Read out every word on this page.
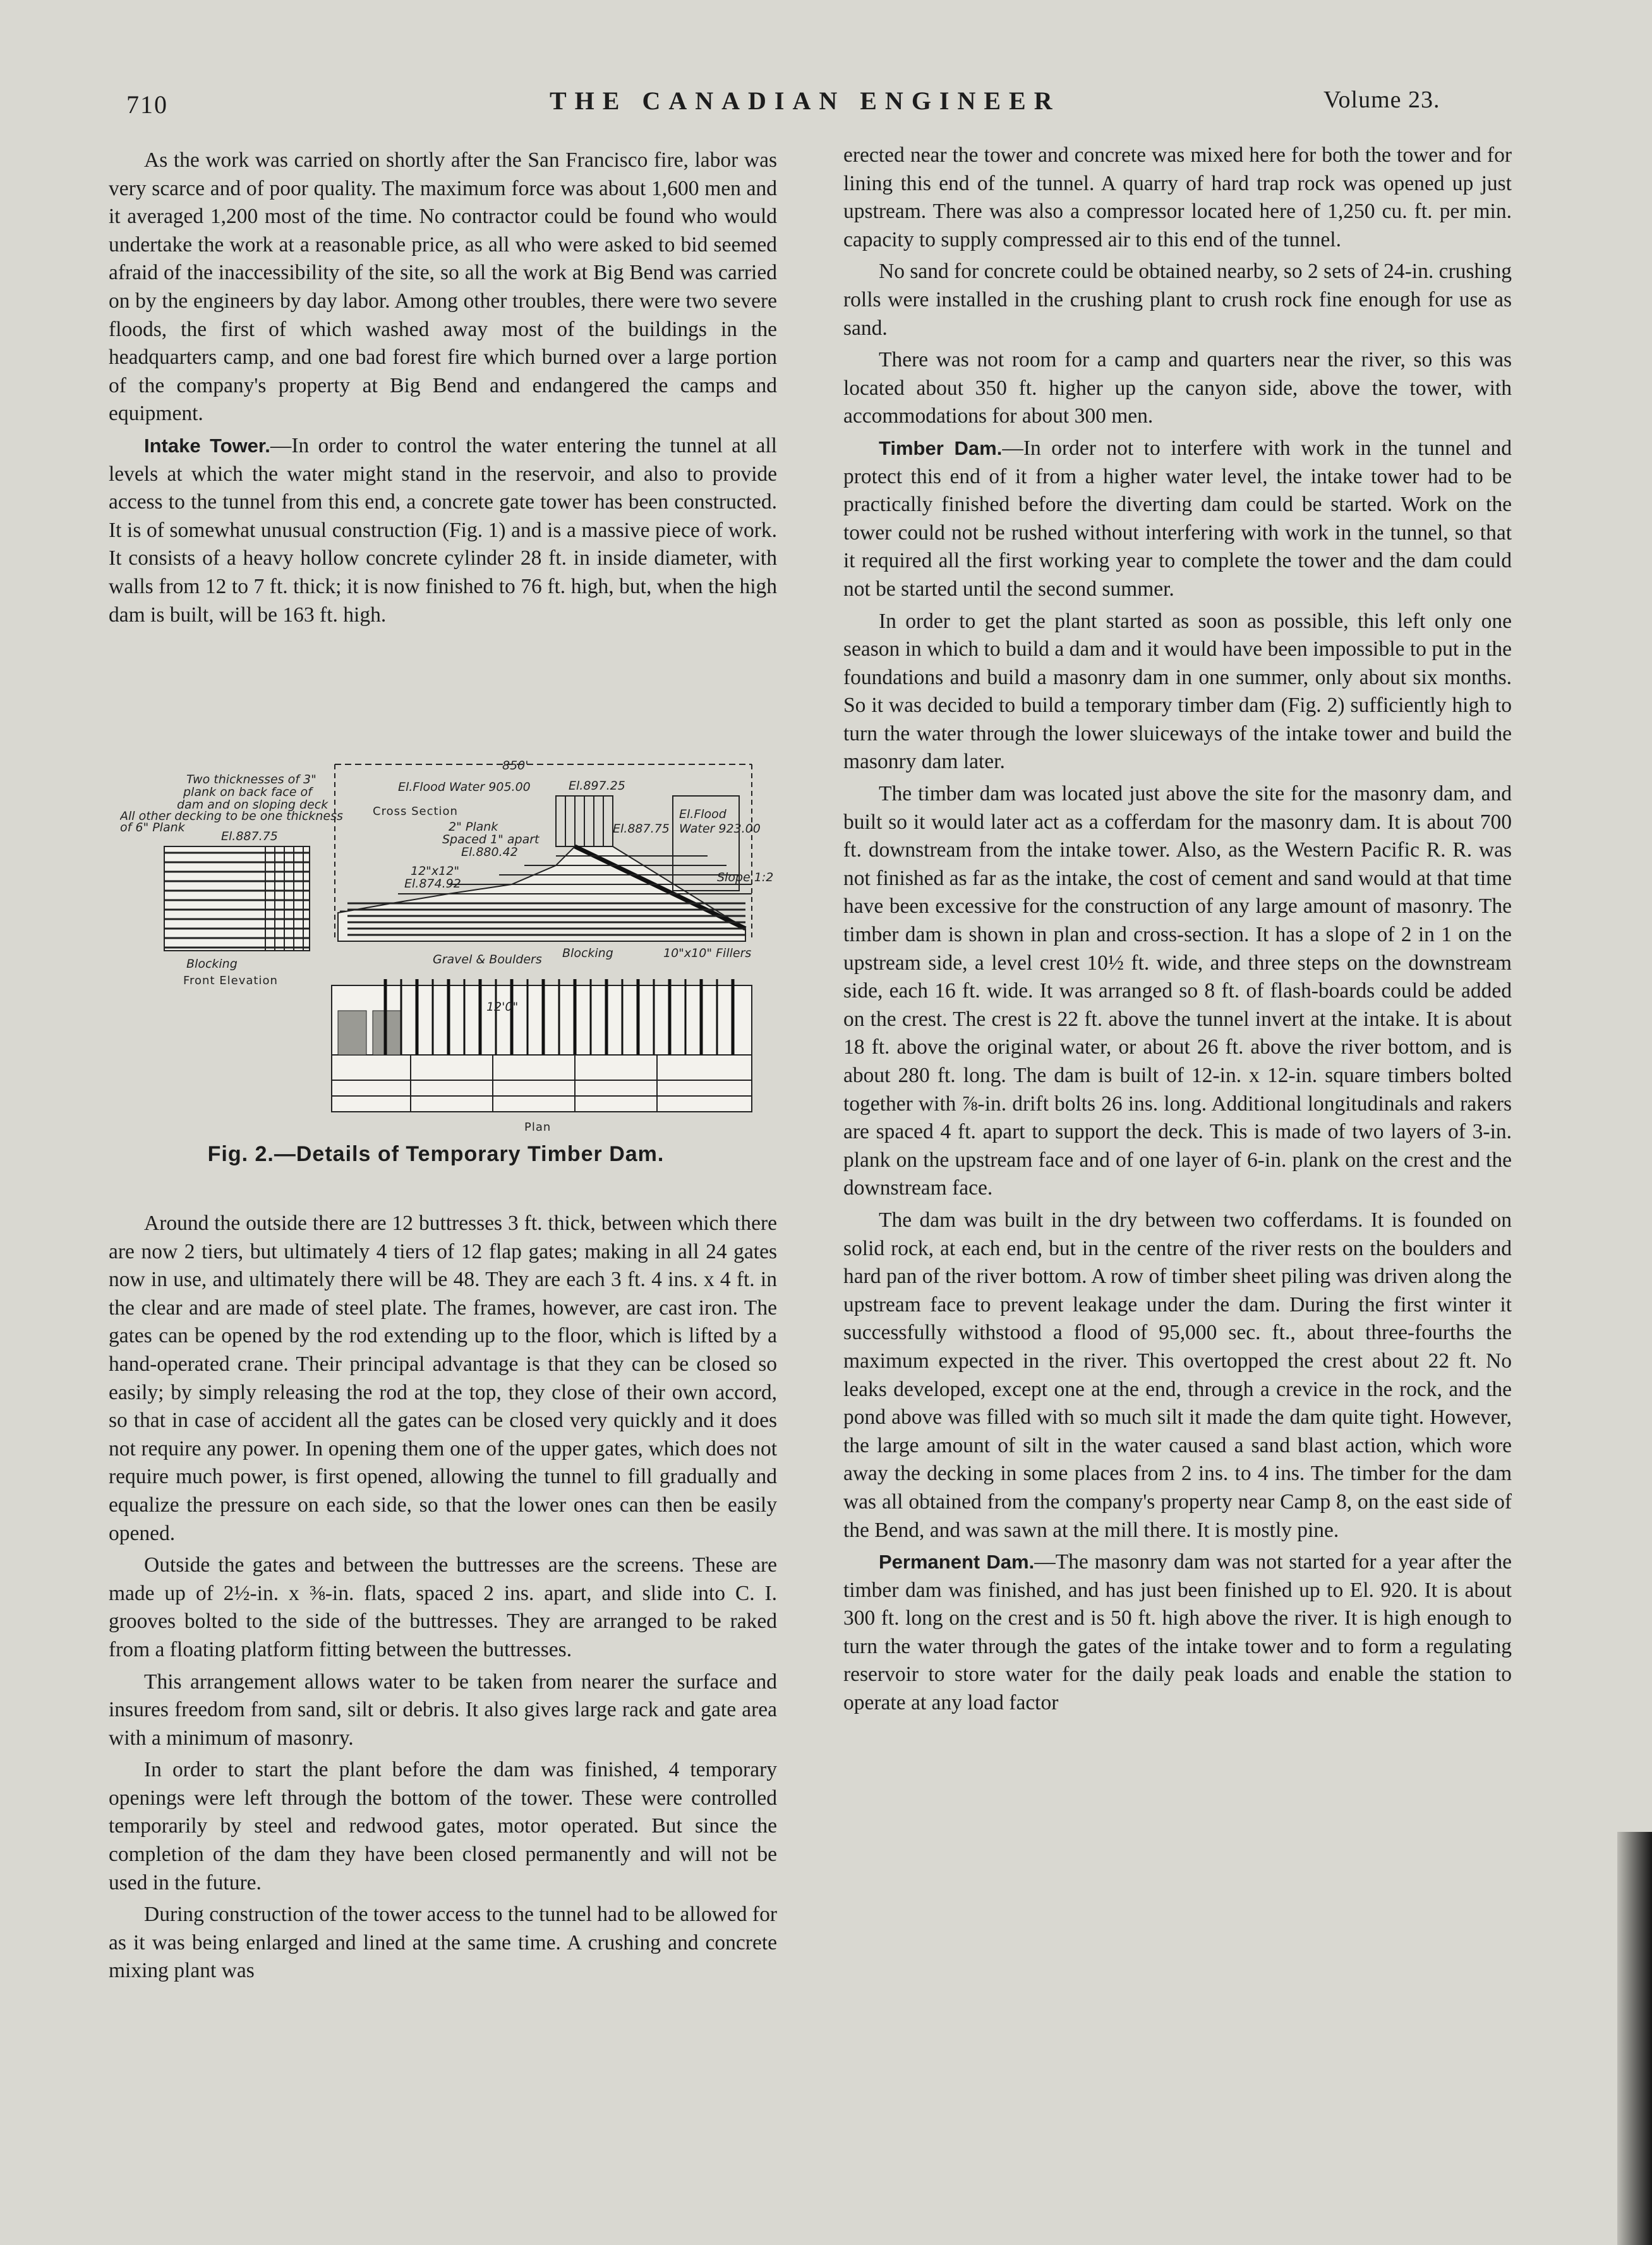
710	THE CANADIAN ENGINEER	Volume 23.

As the work was carried on shortly after the San Francisco fire, labor was very scarce and of poor quality. The maximum force was about 1,600 men and it averaged 1,200 most of the time. No contractor could be found who would undertake the work at a reasonable price, as all who were asked to bid seemed afraid of the inaccessibility of the site, so all the work at Big Bend was carried on by the engineers by day labor. Among other troubles, there were two severe floods, the first of which washed away most of the buildings in the headquarters camp, and one bad forest fire which burned over a large portion of the company's property at Big Bend and endangered the camps and equipment.

Intake Tower.—In order to control the water entering the tunnel at all levels at which the water might stand in the reservoir, and also to provide access to the tunnel from this end, a concrete gate tower has been constructed. It is of somewhat unusual construction (Fig. 1) and is a massive piece of work. It consists of a heavy hollow concrete cylinder 28 ft. in inside diameter, with walls from 12 to 7 ft. thick; it is now finished to 76 ft. high, but, when the high dam is built, will be 163 ft. high.

850'
Two thicknesses of 3"
plank on back face of
dam and on sloping deck
All other decking to be one thickness
of 6" Plank
El.887.75
Blocking
Front Elevation
El.Flood Water 905.00
Cross Section
2" Plank
Spaced 1" apart
El.880.42
12"x12"
El.874.92
El.897.25
El.887.75
El.Flood
Water 923.00
Slope 1:2
Gravel & Boulders Blocking	10"x10" Fillers
12'0"
Plan
Fig. 2.—Details of Temporary Timber Dam.

Around the outside there are 12 buttresses 3 ft. thick, between which there are now 2 tiers, but ultimately 4 tiers of 12 flap gates; making in all 24 gates now in use, and ultimately there will be 48. They are each 3 ft. 4 ins. x 4 ft. in the clear and are made of steel plate. The frames, however, are cast iron. The gates can be opened by the rod extending up to the floor, which is lifted by a hand-operated crane. Their principal advantage is that they can be closed so easily; by simply releasing the rod at the top, they close of their own accord, so that in case of accident all the gates can be closed very quickly and it does not require any power. In opening them one of the upper gates, which does not require much power, is first opened, allowing the tunnel to fill gradually and equalize the pressure on each side, so that the lower ones can then be easily opened.

Outside the gates and between the buttresses are the screens. These are made up of 2½-in. x ⅜-in. flats, spaced 2 ins. apart, and slide into C. I. grooves bolted to the side of the buttresses. They are arranged to be raked from a floating platform fitting between the buttresses.

This arrangement allows water to be taken from nearer the surface and insures freedom from sand, silt or debris. It also gives large rack and gate area with a minimum of masonry.

In order to start the plant before the dam was finished, 4 temporary openings were left through the bottom of the tower. These were controlled temporarily by steel and redwood gates, motor operated. But since the completion of the dam they have been closed permanently and will not be used in the future.

During construction of the tower access to the tunnel had to be allowed for as it was being enlarged and lined at the same time. A crushing and concrete mixing plant was

erected near the tower and concrete was mixed here for both the tower and for lining this end of the tunnel. A quarry of hard trap rock was opened up just upstream. There was also a compressor located here of 1,250 cu. ft. per min. capacity to supply compressed air to this end of the tunnel.

No sand for concrete could be obtained nearby, so 2 sets of 24-in. crushing rolls were installed in the crushing plant to crush rock fine enough for use as sand.

There was not room for a camp and quarters near the river, so this was located about 350 ft. higher up the canyon side, above the tower, with accommodations for about 300 men.

Timber Dam.—In order not to interfere with work in the tunnel and protect this end of it from a higher water level, the intake tower had to be practically finished before the diverting dam could be started. Work on the tower could not be rushed without interfering with work in the tunnel, so that it required all the first working year to complete the tower and the dam could not be started until the second summer.

In order to get the plant started as soon as possible, this left only one season in which to build a dam and it would have been impossible to put in the foundations and build a masonry dam in one summer, only about six months. So it was decided to build a temporary timber dam (Fig. 2) sufficiently high to turn the water through the lower sluiceways of the intake tower and build the masonry dam later.

The timber dam was located just above the site for the masonry dam, and built so it would later act as a cofferdam for the masonry dam. It is about 700 ft. downstream from the intake tower. Also, as the Western Pacific R. R. was not finished as far as the intake, the cost of cement and sand would at that time have been excessive for the construction of any large amount of masonry. The timber dam is shown in plan and cross-section. It has a slope of 2 in 1 on the upstream side, a level crest 10½ ft. wide, and three steps on the downstream side, each 16 ft. wide. It was arranged so 8 ft. of flash-boards could be added on the crest. The crest is 22 ft. above the tunnel invert at the intake. It is about 18 ft. above the original water, or about 26 ft. above the river bottom, and is about 280 ft. long. The dam is built of 12-in. x 12-in. square timbers bolted together with ⅞-in. drift bolts 26 ins. long. Additional longitudinals and rakers are spaced 4 ft. apart to support the deck. This is made of two layers of 3-in. plank on the upstream face and of one layer of 6-in. plank on the crest and the downstream face.

The dam was built in the dry between two cofferdams. It is founded on solid rock, at each end, but in the centre of the river rests on the boulders and hard pan of the river bottom. A row of timber sheet piling was driven along the upstream face to prevent leakage under the dam. During the first winter it successfully withstood a flood of 95,000 sec. ft., about three-fourths the maximum expected in the river. This overtopped the crest about 22 ft. No leaks developed, except one at the end, through a crevice in the rock, and the pond above was filled with so much silt it made the dam quite tight. However, the large amount of silt in the water caused a sand blast action, which wore away the decking in some places from 2 ins. to 4 ins. The timber for the dam was all obtained from the company's property near Camp 8, on the east side of the Bend, and was sawn at the mill there. It is mostly pine.

Permanent Dam.—The masonry dam was not started for a year after the timber dam was finished, and has just been finished up to El. 920. It is about 300 ft. long on the crest and is 50 ft. high above the river. It is high enough to turn the water through the gates of the intake tower and to form a regulating reservoir to store water for the daily peak loads and enable the station to operate at any load factor
